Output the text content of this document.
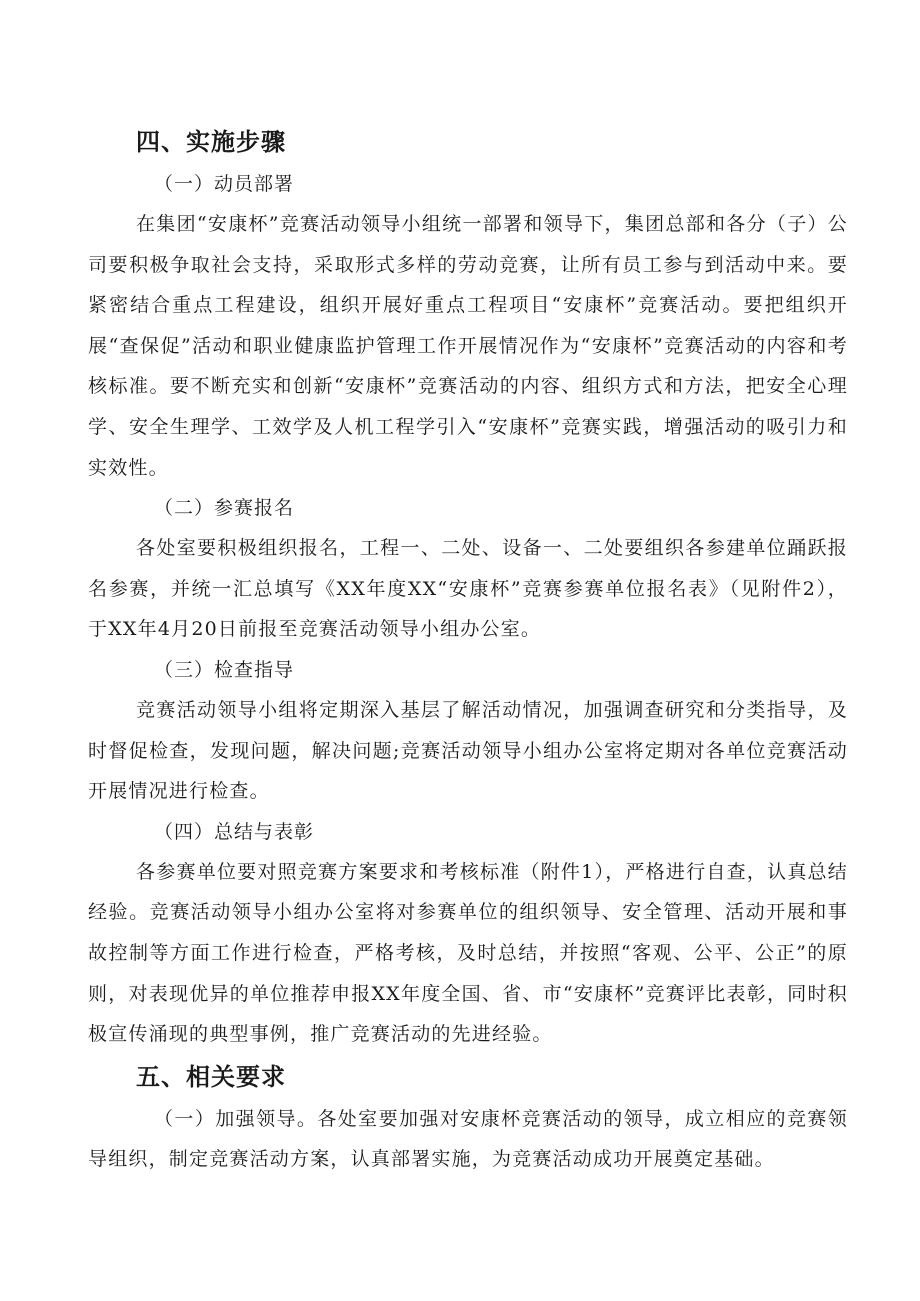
四、实施步骤
（一）动员部署

在集团“安康杯”竞赛活动领导小组统一部署和领导下，集团总部和各分（子）公司要积极争取社会支持，采取形式多样的劳动竞赛，让所有员工参与到活动中来。要紧密结合重点工程建设，组织开展好重点工程项目“安康杯”竞赛活动。要把组织开展“查保促”活动和职业健康监护管理工作开展情况作为“安康杯”竞赛活动的内容和考核标准。要不断充实和创新“安康杯”竞赛活动的内容、组织方式和方法，把安全心理学、安全生理学、工效学及人机工程学引入“安康杯”竞赛实践，增强活动的吸引力和实效性。

（二）参赛报名

各处室要积极组织报名，工程一、二处、设备一、二处要组织各参建单位踊跃报名参赛，并统一汇总填写《XX年度XX“安康杯”竞赛参赛单位报名表》（见附件2），于XX年4月20日前报至竞赛活动领导小组办公室。

（三）检查指导

竞赛活动领导小组将定期深入基层了解活动情况，加强调查研究和分类指导，及时督促检查，发现问题，解决问题;竞赛活动领导小组办公室将定期对各单位竞赛活动开展情况进行检查。

（四）总结与表彰

各参赛单位要对照竞赛方案要求和考核标准（附件1），严格进行自查，认真总结经验。竞赛活动领导小组办公室将对参赛单位的组织领导、安全管理、活动开展和事故控制等方面工作进行检查，严格考核，及时总结，并按照“客观、公平、公正”的原则，对表现优异的单位推荐申报XX年度全国、省、市“安康杯”竞赛评比表彰，同时积极宣传涌现的典型事例，推广竞赛活动的先进经验。

五、相关要求

（一）加强领导。各处室要加强对安康杯竞赛活动的领导，成立相应的竞赛领导组织，制定竞赛活动方案，认真部署实施，为竞赛活动成功开展奠定基础。
